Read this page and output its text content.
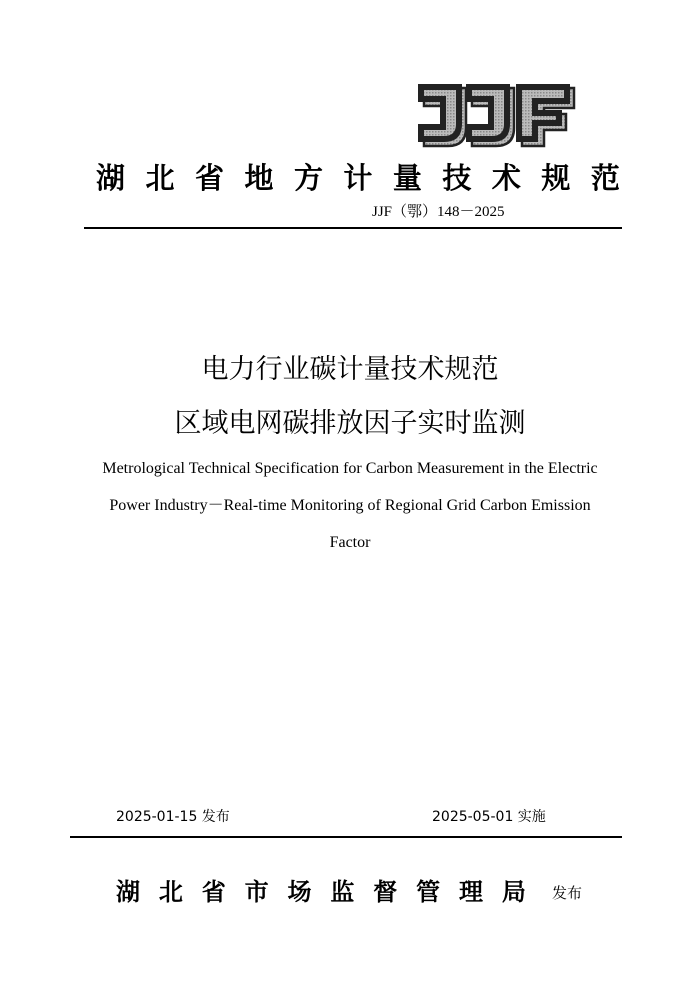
湖 北 省 地 方 计 量 技 术 规 范
JJF（鄂）148－2025
电力行业碳计量技术规范
区域电网碳排放因子实时监测
Metrological Technical Specification for Carbon Measurement in the Electric
Power Industry－Real-time Monitoring of Regional Grid Carbon Emission
Factor
2025-01-15 发布	2025-05-01 实施
湖 北 省 市 场 监 督 管 理 局 发布
